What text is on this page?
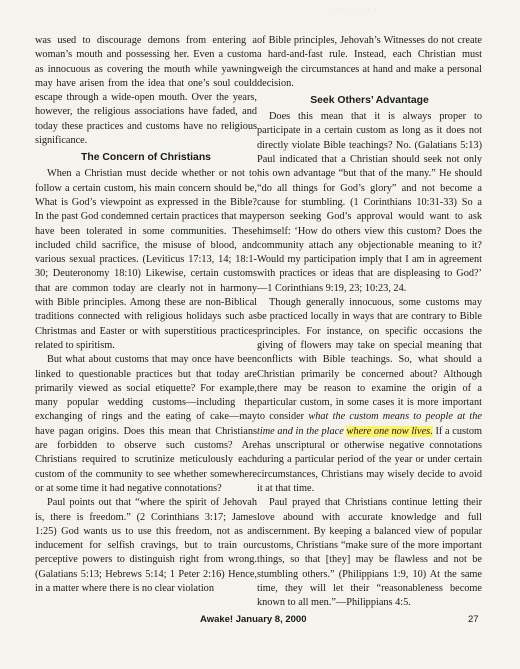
· · · · · · · ·

was used to discourage demons from entering a woman’s mouth and possessing her. Even a custom as innocuous as covering the mouth while yawning may have arisen from the idea that one’s soul could escape through a wide-open mouth. Over the years, however, the religious associations have faded, and today these practices and customs have no religious significance.

The Concern of Christians

When a Christian must decide whether or not to follow a certain custom, his main concern should be, What is God’s viewpoint as expressed in the Bible? In the past God condemned certain practices that may have been tolerated in some communities. These included child sacrifice, the misuse of blood, and various sexual practices. (Leviticus 17:13, 14; 18:1-30; Deuteronomy 18:10) Likewise, certain customs that are common today are clearly not in harmony with Bible principles. Among these are non-Biblical traditions connected with religious holidays such as Christmas and Easter or with superstitious practices related to spiritism.

But what about customs that may once have been linked to questionable practices but that today are primarily viewed as social etiquette? For example, many popular wedding customs—including the exchanging of rings and the eating of cake—may have pagan origins. Does this mean that Christians are forbidden to observe such customs? Are Christians required to scrutinize meticulously each custom of the community to see whether somewhere or at some time it had negative connotations?

Paul points out that “where the spirit of Jehovah is, there is freedom.” (2 Corinthians 3:17; James 1:25) God wants us to use this freedom, not as an inducement for selfish cravings, but to train our perceptive powers to distinguish right from wrong. (Galatians 5:13; Hebrews 5:14; 1 Peter 2:16) Hence, in a matter where there is no clear violation

of Bible principles, Jehovah’s Witnesses do not create a hard-and-fast rule. Instead, each Christian must weigh the circumstances at hand and make a personal decision.

Seek Others’ Advantage

Does this mean that it is always proper to participate in a certain custom as long as it does not directly violate Bible teachings? No. (Galatians 5:13) Paul indicated that a Christian should seek not only his own advantage “but that of the many.” He should “do all things for God’s glory” and not become a cause for stumbling. (1 Corinthians 10:31-33) So a person seeking God’s approval would want to ask himself: ‘How do others view this custom? Does the community attach any objectionable meaning to it? Would my participation imply that I am in agreement with practices or ideas that are displeasing to God?’ —1 Corinthians 9:19, 23; 10:23, 24.

Though generally innocuous, some customs may be practiced locally in ways that are contrary to Bible principles. For instance, on specific occasions the giving of flowers may take on special meaning that conflicts with Bible teachings. So, what should a Christian primarily be concerned about? Although there may be reason to examine the origin of a particular custom, in some cases it is more important to consider what the custom means to people at the time and in the place where one now lives. If a custom has unscriptural or otherwise negative connotations during a particular period of the year or under certain circumstances, Christians may wisely decide to avoid it at that time.

Paul prayed that Christians continue letting their love abound with accurate knowledge and full discernment. By keeping a balanced view of popular customs, Christians “make sure of the more important things, so that [they] may be flawless and not be stumbling others.” (Philippians 1:9, 10) At the same time, they will let their “reasonableness become known to all men.”—Philippians 4:5.

Awake! January 8, 2000	27
